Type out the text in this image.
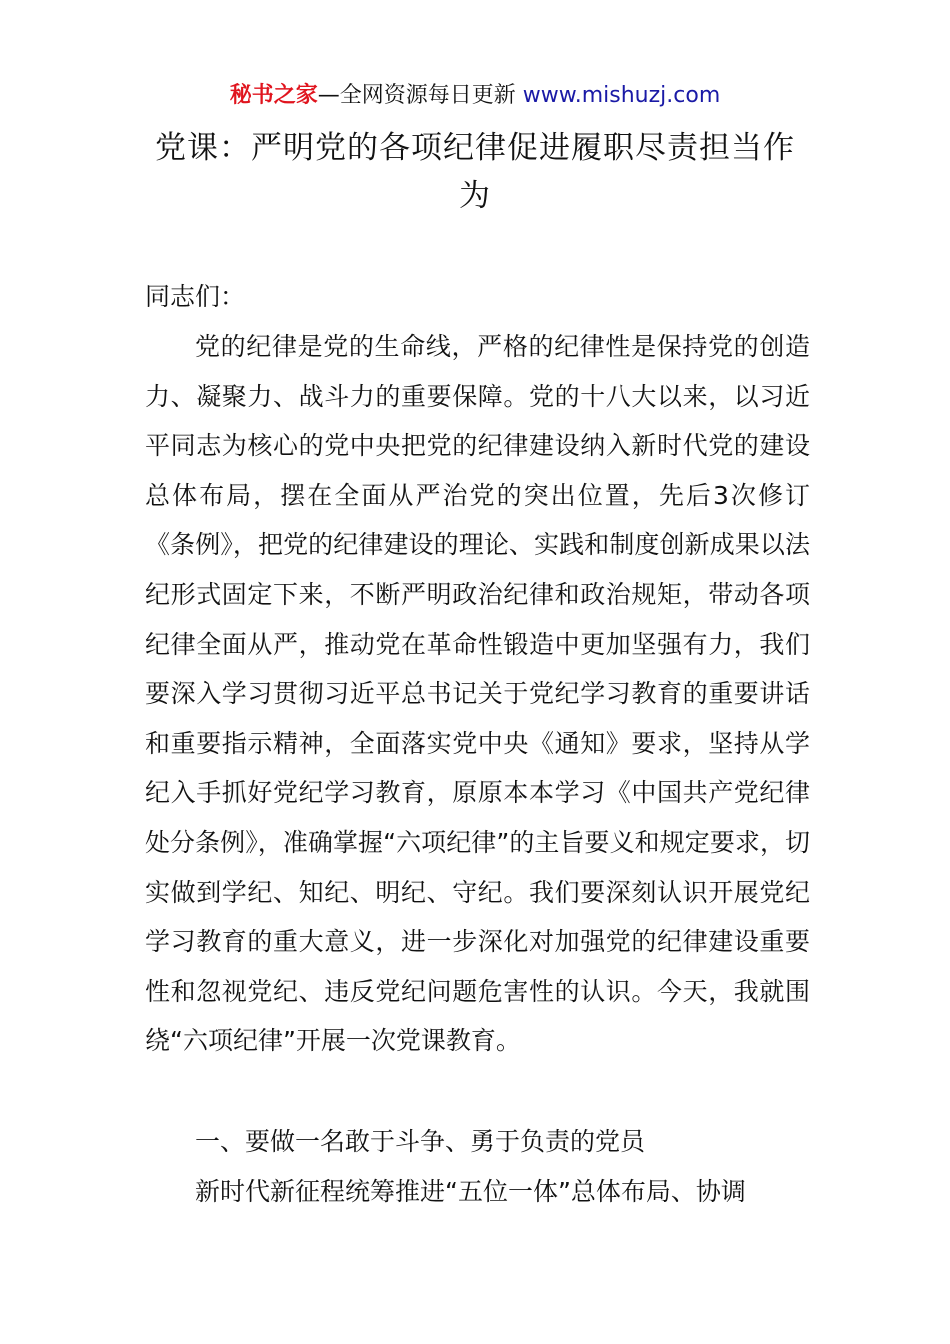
秘书之家—全网资源每日更新 www.mishuzj.com
党课：严明党的各项纪律促进履职尽责担当作为

同志们：

党的纪律是党的生命线，严格的纪律性是保持党的创造力、凝聚力、战斗力的重要保障。党的十八大以来，以习近平同志为核心的党中央把党的纪律建设纳入新时代党的建设总体布局，摆在全面从严治党的突出位置，先后3次修订《条例》，把党的纪律建设的理论、实践和制度创新成果以法纪形式固定下来，不断严明政治纪律和政治规矩，带动各项纪律全面从严，推动党在革命性锻造中更加坚强有力，我们要深入学习贯彻习近平总书记关于党纪学习教育的重要讲话和重要指示精神，全面落实党中央《通知》要求，坚持从学纪入手抓好党纪学习教育，原原本本学习《中国共产党纪律处分条例》，准确掌握“六项纪律”的主旨要义和规定要求，切实做到学纪、知纪、明纪、守纪。我们要深刻认识开展党纪学习教育的重大意义，进一步深化对加强党的纪律建设重要性和忽视党纪、违反党纪问题危害性的认识。今天，我就围绕“六项纪律”开展一次党课教育。

一、要做一名敢于斗争、勇于负责的党员

新时代新征程统筹推进“五位一体”总体布局、协调
